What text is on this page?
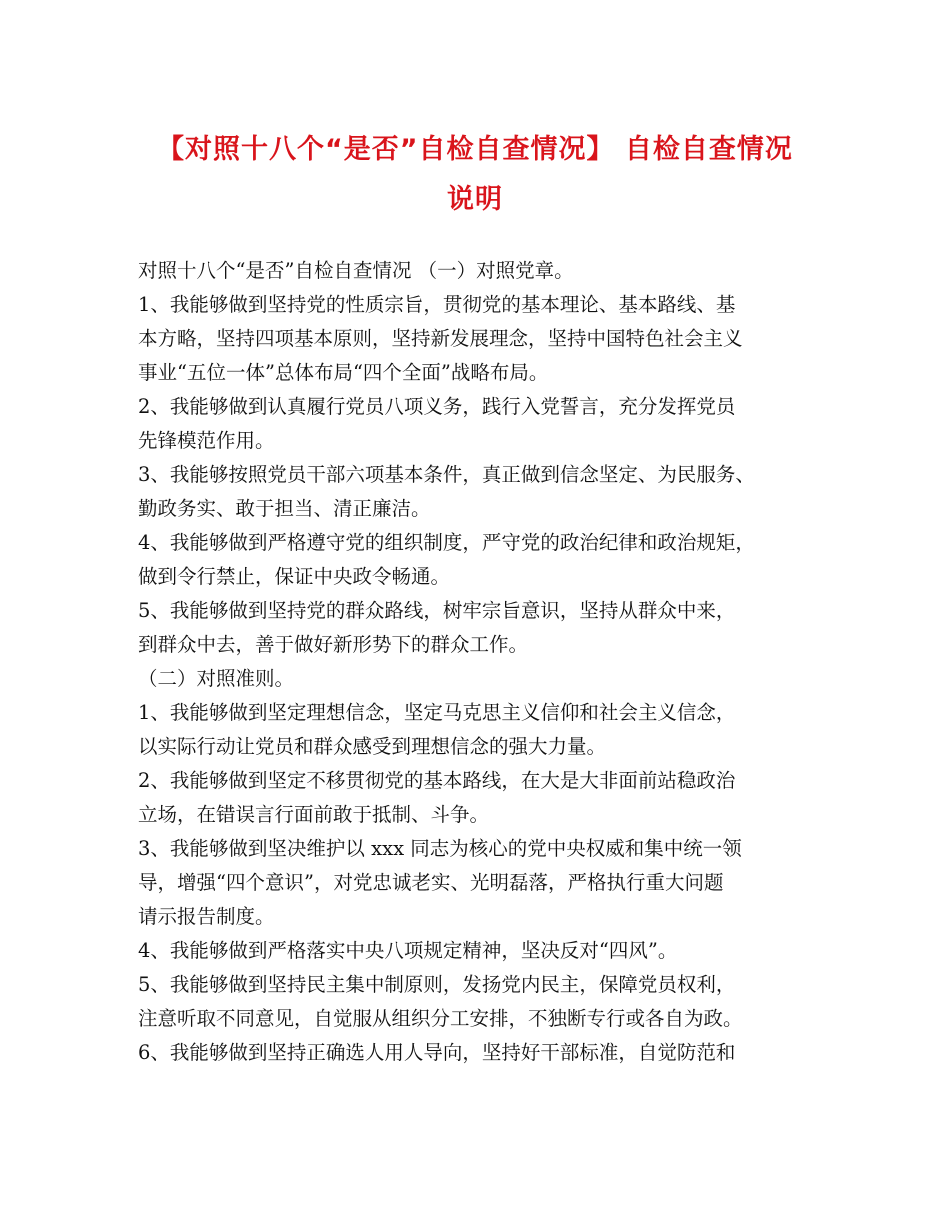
【对照十八个“是否”自检自查情况】 自检自查情况
说明

对照十八个“是否”自检自查情况 （一）对照党章。

1、我能够做到坚持党的性质宗旨，贯彻党的基本理论、基本路线、基

本方略，坚持四项基本原则，坚持新发展理念，坚持中国特色社会主义

事业“五位一体”总体布局“四个全面”战略布局。

2、我能够做到认真履行党员八项义务，践行入党誓言，充分发挥党员

先锋模范作用。

3、我能够按照党员干部六项基本条件，真正做到信念坚定、为民服务、

勤政务实、敢于担当、清正廉洁。

4、我能够做到严格遵守党的组织制度，严守党的政治纪律和政治规矩，

做到令行禁止，保证中央政令畅通。

5、我能够做到坚持党的群众路线，树牢宗旨意识，坚持从群众中来，

到群众中去，善于做好新形势下的群众工作。

（二）对照准则。

1、我能够做到坚定理想信念，坚定马克思主义信仰和社会主义信念，

以实际行动让党员和群众感受到理想信念的强大力量。

2、我能够做到坚定不移贯彻党的基本路线，在大是大非面前站稳政治

立场，在错误言行面前敢于抵制、斗争。

3、我能够做到坚决维护以 xxx 同志为核心的党中央权威和集中统一领

导，增强“四个意识”，对党忠诚老实、光明磊落，严格执行重大问题

请示报告制度。

4、我能够做到严格落实中央八项规定精神，坚决反对“四风”。

5、我能够做到坚持民主集中制原则，发扬党内民主，保障党员权利，

注意听取不同意见，自觉服从组织分工安排，不独断专行或各自为政。

6、我能够做到坚持正确选人用人导向，坚持好干部标准，自觉防范和
